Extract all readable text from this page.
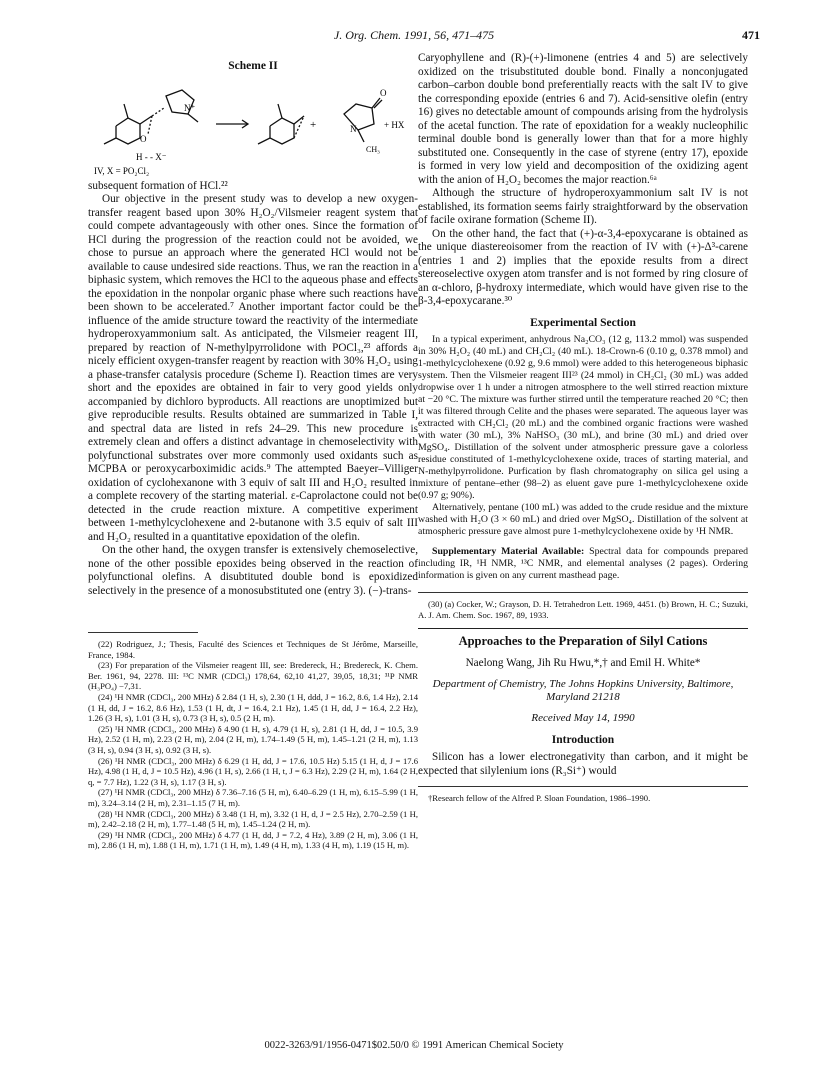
J. Org. Chem. 1991, 56, 471–475	471
Scheme II
N⁺
O
H - - X⁻
+
O
N
CH₃
+ HX
IV, X = PO₂Cl₂

subsequent formation of HCl.²²

Our objective in the present study was to develop a new oxygen-transfer reagent based upon 30% H₂O₂/Vilsmeier reagent system that could compete advantageously with other ones. Since the formation of HCl during the progression of the reaction could not be avoided, we chose to pursue an approach where the generated HCl would not be available to cause undesired side reactions. Thus, we ran the reaction in a biphasic system, which removes the HCl to the aqueous phase and effects the epoxidation in the nonpolar organic phase where such reactions have been shown to be accelerated.⁷ Another important factor could be the influence of the amide structure toward the reactivity of the intermediate hydroperoxyammonium salt. As anticipated, the Vilsmeier reagent III, prepared by reaction of N-methylpyrrolidone with POCl₃,²³ affords a nicely efficient oxygen-transfer reagent by reaction with 30% H₂O₂ using a phase-transfer catalysis procedure (Scheme I). Reaction times are very short and the epoxides are obtained in fair to very good yields only accompanied by dichloro byproducts. All reactions are unoptimized but give reproducible results. Results obtained are summarized in Table I, and spectral data are listed in refs 24–29. This new procedure is extremely clean and offers a distinct advantage in chemoselectivity with polyfunctional substrates over more commonly used oxidants such as MCPBA or peroxycarboximidic acids.⁹ The attempted Baeyer–Villiger oxidation of cyclohexanone with 3 equiv of salt III and H₂O₂ resulted in a complete recovery of the starting material. ε-Caprolactone could not be detected in the crude reaction mixture. A competitive experiment between 1-methylcyclohexene and 2-butanone with 3.5 equiv of salt III and H₂O₂ resulted in a quantitative epoxidation of the olefin.

On the other hand, the oxygen transfer is extensively chemoselective, none of the other possible epoxides being observed in the reaction of polyfunctional olefins. A disubtituted double bond is epoxidized selectively in the presence of a monosubstituted one (entry 3). (−)-trans-

(22) Rodriguez, J.; Thesis, Faculté des Sciences et Techniques de St Jérôme, Marseille, France, 1984.

(23) For preparation of the Vilsmeier reagent III, see: Bredereck, H.; Bredereck, K. Chem. Ber. 1961, 94, 2278. III: ¹³C NMR (CDCl₃) 178,64, 62,10 41,27, 39,05, 18,31; ³¹P NMR (H₃PO₄) −7,31.

(24) ¹H NMR (CDCl₃, 200 MHz) δ 2.84 (1 H, s), 2.30 (1 H, ddd, J = 16.2, 8.6, 1.4 Hz), 2.14 (1 H, dd, J = 16.2, 8.6 Hz), 1.53 (1 H, dt, J = 16.4, 2.1 Hz), 1.45 (1 H, dd, J = 16.4, 2.2 Hz), 1.26 (3 H, s), 1.01 (3 H, s), 0.73 (3 H, s), 0.5 (2 H, m).

(25) ¹H NMR (CDCl₃, 200 MHz) δ 4.90 (1 H, s), 4.79 (1 H, s), 2.81 (1 H, dd, J = 10.5, 3.9 Hz), 2.52 (1 H, m), 2.23 (2 H, m), 2.04 (2 H, m), 1.74–1.49 (5 H, m), 1.45–1.21 (2 H, m), 1.13 (3 H, s), 0.94 (3 H, s), 0.92 (3 H, s).

(26) ¹H NMR (CDCl₃, 200 MHz) δ 6.29 (1 H, dd, J = 17.6, 10.5 Hz) 5.15 (1 H, d, J = 17.6 Hz), 4.98 (1 H, d, J = 10.5 Hz), 4.96 (1 H, s), 2.66 (1 H, t, J = 6.3 Hz), 2.29 (2 H, m), 1.64 (2 H, q, = 7.7 Hz), 1.22 (3 H, s), 1.17 (3 H, s).

(27) ¹H NMR (CDCl₃, 200 MHz) δ 7.36–7.16 (5 H, m), 6.40–6.29 (1 H, m), 6.15–5.99 (1 H, m), 3.24–3.14 (2 H, m), 2.31–1.15 (7 H, m).

(28) ¹H NMR (CDCl₃, 200 MHz) δ 3.48 (1 H, m), 3.32 (1 H, d, J = 2.5 Hz), 2.70–2.59 (1 H, m), 2.42–2.18 (2 H, m), 1.77–1.48 (5 H, m), 1.45–1.24 (2 H, m).

(29) ¹H NMR (CDCl₃, 200 MHz) δ 4.77 (1 H, dd, J = 7.2, 4 Hz), 3.89 (2 H, m), 3.06 (1 H, m), 2.86 (1 H, m), 1.88 (1 H, m), 1.71 (1 H, m), 1.49 (4 H, m), 1.33 (4 H, m), 1.19 (15 H, m).

Caryophyllene and (R)-(+)-limonene (entries 4 and 5) are selectively oxidized on the trisubstituted double bond. Finally a nonconjugated carbon–carbon double bond preferentially reacts with the salt IV to give the corresponding epoxide (entries 6 and 7). Acid-sensitive olefin (entry 16) gives no detectable amount of compounds arising from the hydrolysis of the acetal function. The rate of epoxidation for a weakly nucleophilic terminal double bond is generally lower than that for a more highly substituted one. Consequently in the case of styrene (entry 17), epoxide is formed in very low yield and decomposition of the oxidizing agent with the anion of H₂O₂ becomes the major reaction.⁶ᵃ

Although the structure of hydroperoxyammonium salt IV is not established, its formation seems fairly straightforward by the observation of facile oxirane formation (Scheme II).

On the other hand, the fact that (+)-α-3,4-epoxycarane is obtained as the unique diastereoisomer from the reaction of IV with (+)-Δ³-carene (entries 1 and 2) implies that the epoxide results from a direct stereoselective oxygen atom transfer and is not formed by ring closure of an α-chloro, β-hydroxy intermediate, which would have given rise to the β-3,4-epoxycarane.³⁰

Experimental Section

In a typical experiment, anhydrous Na₂CO₃ (12 g, 113.2 mmol) was suspended in 30% H₂O₂ (40 mL) and CH₂Cl₂ (40 mL). 18-Crown-6 (0.10 g, 0.378 mmol) and 1-methylcyclohexene (0.92 g, 9.6 mmol) were added to this heterogeneous biphasic system. Then the Vilsmeier reagent III²³ (24 mmol) in CH₂Cl₂ (30 mL) was added dropwise over 1 h under a nitrogen atmosphere to the well stirred reaction mixture at −20 °C. The mixture was further stirred until the temperature reached 20 °C; then it was filtered through Celite and the phases were separated. The aqueous layer was extracted with CH₂Cl₂ (20 mL) and the combined organic fractions were washed with water (30 mL), 3% NaHSO₃ (30 mL), and brine (30 mL) and dried over MgSO₄. Distillation of the solvent under atmospheric pressure gave a colorless residue constituted of 1-methylcyclohexene oxide, traces of starting material, and N-methylpyrrolidone. Purfication by flash chromatography on silica gel using a mixture of pentane–ether (98–2) as eluent gave pure 1-methylcyclohexene oxide (0.97 g; 90%).

Alternatively, pentane (100 mL) was added to the crude residue and the mixture washed with H₂O (3 × 60 mL) and dried over MgSO₄. Distillation of the solvent at atmospheric pressure gave almost pure 1-methylcyclohexene oxide by ¹H NMR.

Supplementary Material Available: Spectral data for compounds prepared including IR, ¹H NMR, ¹³C NMR, and elemental analyses (2 pages). Ordering information is given on any current masthead page.

(30) (a) Cocker, W.; Grayson, D. H. Tetrahedron Lett. 1969, 4451. (b) Brown, H. C.; Suzuki, A. J. Am. Chem. Soc. 1967, 89, 1933.

Approaches to the Preparation of Silyl Cations
Naelong Wang, Jih Ru Hwu,*,† and Emil H. White*
Department of Chemistry, The Johns Hopkins University, Baltimore, Maryland 21218
Received May 14, 1990
Introduction

Silicon has a lower electronegativity than carbon, and it might be expected that silylenium ions (R₃Si⁺) would

†Research fellow of the Alfred P. Sloan Foundation, 1986–1990.

0022-3263/91/1956-0471$02.50/0 © 1991 American Chemical Society
